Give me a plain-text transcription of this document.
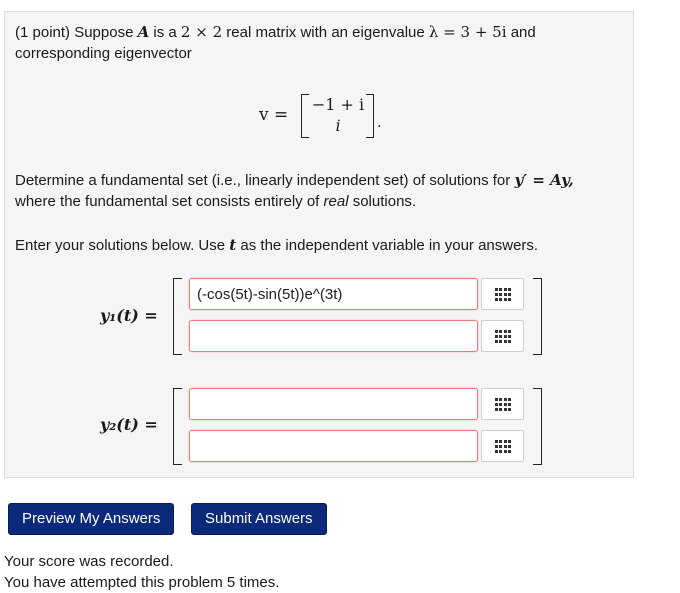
(1 point) Suppose A is a 2 × 2 real matrix with an eigenvalue λ = 3 + 5i and

corresponding eigenvector

v =
−1 + i
i	.

Determine a fundamental set (i.e., linearly independent set) of solutions for y′ = Ay,

where the fundamental set consists entirely of real solutions.

Enter your solutions below. Use t as the independent variable in your answers.

y₁(t) =
(-cos(5t)-sin(5t))e^(3t)
y₂(t) =
Preview My Answers	Submit Answers

Your score was recorded.

You have attempted this problem 5 times.
